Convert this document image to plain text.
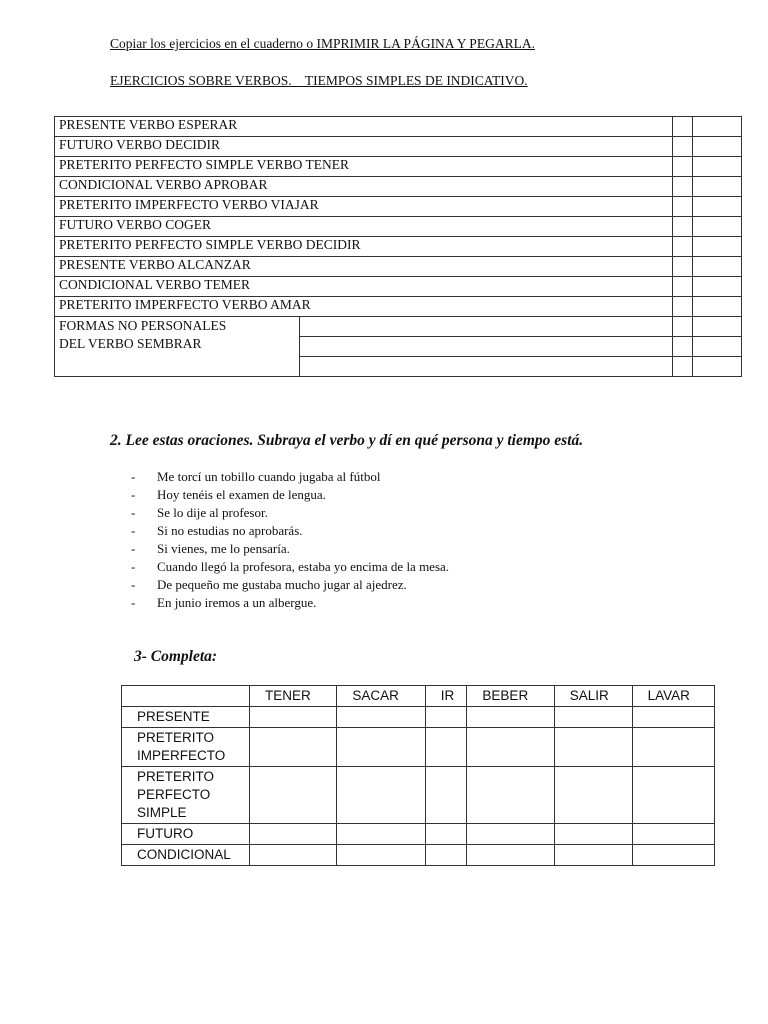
Copiar los ejercicios en el cuaderno o IMPRIMIR LA PÁGINA Y PEGARLA.
EJERCICIOS SOBRE VERBOS.    TIEMPOS SIMPLES DE INDICATIVO.
PRESENTE VERBO ESPERAR			
FUTURO VERBO DECIDIR			
PRETERITO PERFECTO SIMPLE VERBO TENER			
CONDICIONAL VERBO APROBAR			
PRETERITO IMPERFECTO VERBO VIAJAR			
FUTURO VERBO COGER			
PRETERITO PERFECTO SIMPLE VERBO DECIDIR			
PRESENTE VERBO ALCANZAR			
CONDICIONAL VERBO TEMER			
PRETERITO IMPERFECTO VERBO AMAR			

FORMAS NO PERSONALES
DEL VERBO SEMBRAR			

2. Lee estas oraciones. Subraya el verbo y dí en qué persona y tiempo está.
- Me torcí un tobillo cuando jugaba al fútbol
- Hoy tenéis el examen de lengua.
- Se lo dije al profesor.
- Si no estudias no aprobarás.
- Si vienes, me lo pensaría.
- Cuando llegó la profesora, estaba yo encima de la mesa.
- De pequeño me gustaba mucho jugar al ajedrez.
- En junio iremos a un albergue.
3- Completa:
	TENER	SACAR	IR	BEBER	SALIR	LAVAR
PRESENTE						
PRETERITO IMPERFECTO						
PRETERITO PERFECTO SIMPLE						
FUTURO						
CONDICIONAL						
